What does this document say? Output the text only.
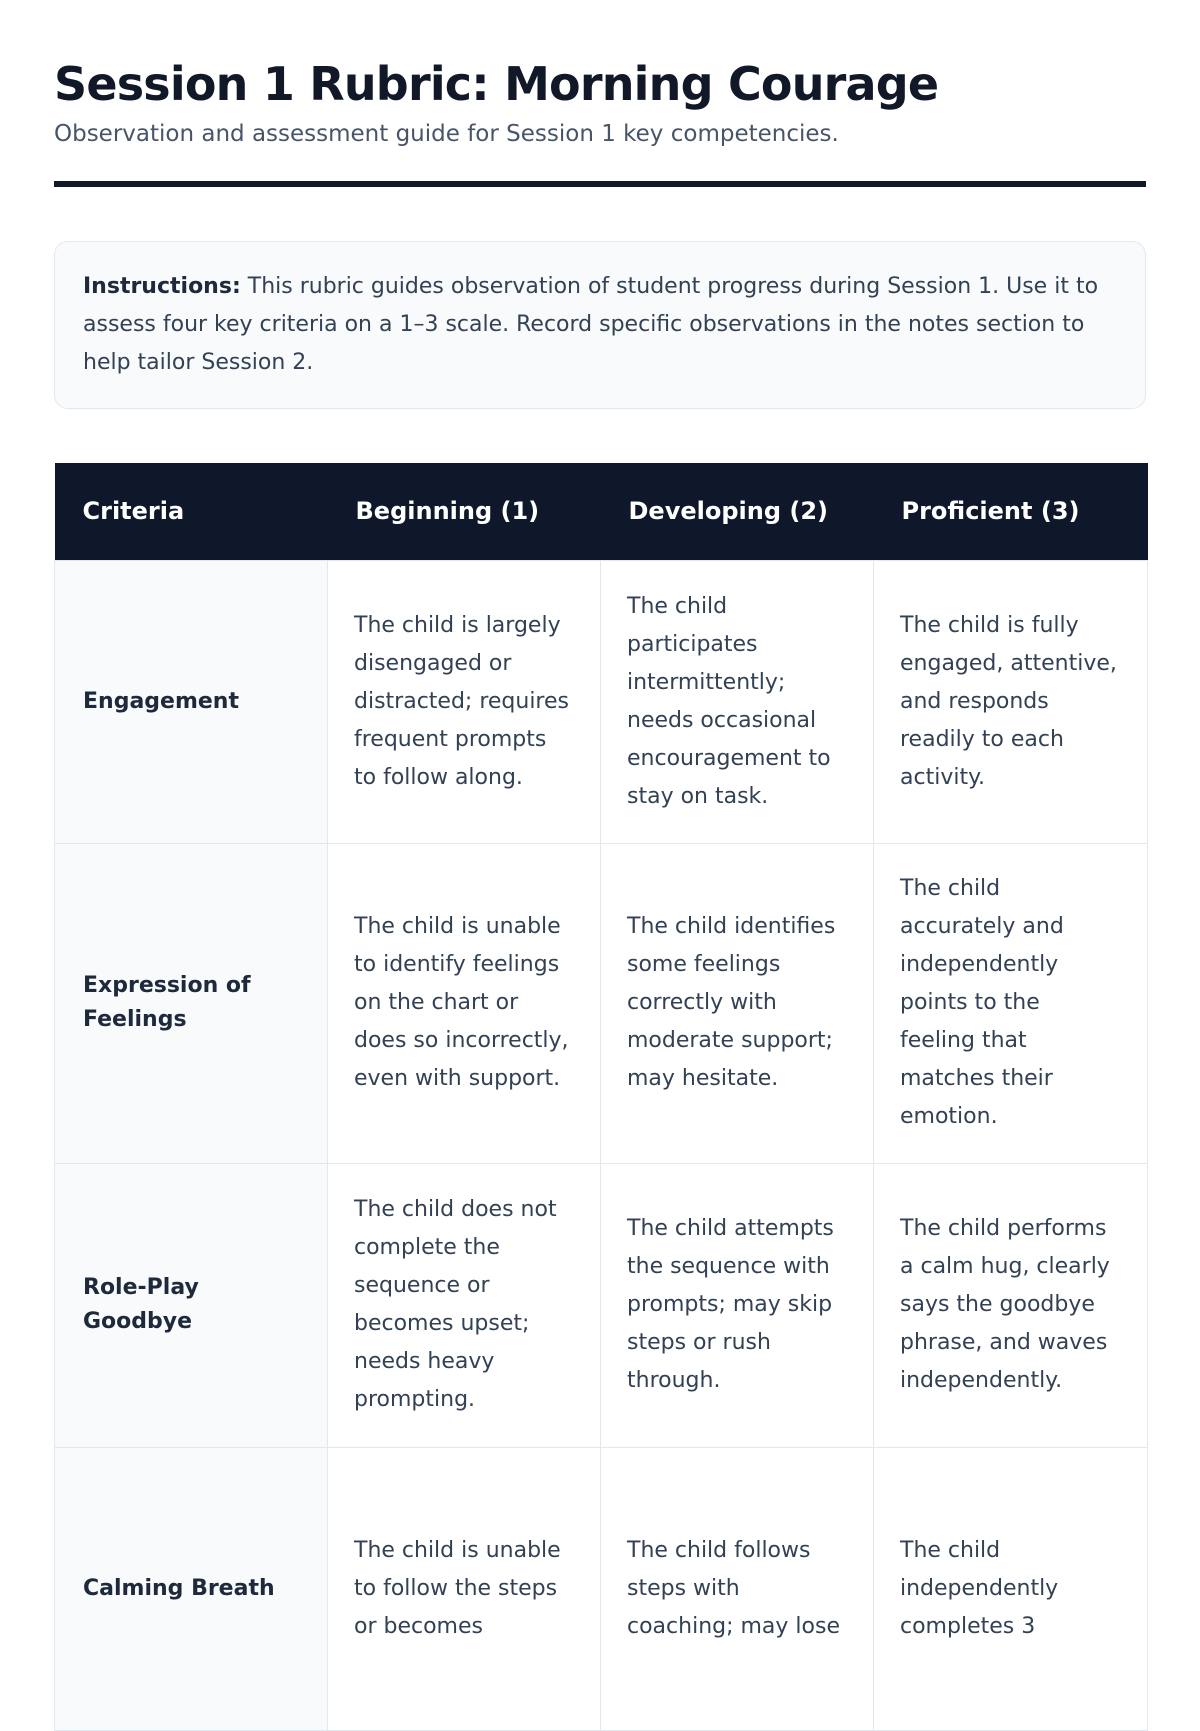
Session 1 Rubric: Morning Courage

Observation and assessment guide for Session 1 key competencies.

Instructions: This rubric guides observation of student progress during Session 1. Use it to assess four key criteria on a 1–3 scale. Record specific observations in the notes section to help tailor Session 2.
Criteria	Beginning (1)	Developing (2)	Proficient (3)
Engagement	The child is largely disengaged or distracted; requires frequent prompts to follow along.	The child participates intermittently; needs occasional encouragement to stay on task.	The child is fully engaged, attentive, and responds readily to each activity.
Expression of Feelings	The child is unable to identify feelings on the chart or does so incorrectly, even with support.	The child identifies some feelings correctly with moderate support; may hesitate.	The child accurately and independently points to the feeling that matches their emotion.
Role-Play Goodbye	The child does not complete the sequence or becomes upset; needs heavy prompting.	The child attempts the sequence with prompts; may skip steps or rush through.	The child performs a calm hug, clearly says the goodbye phrase, and waves independently.
Calming Breath	The child is unable to follow the steps or becomes	The child follows steps with coaching; may lose	The child independently completes 3
